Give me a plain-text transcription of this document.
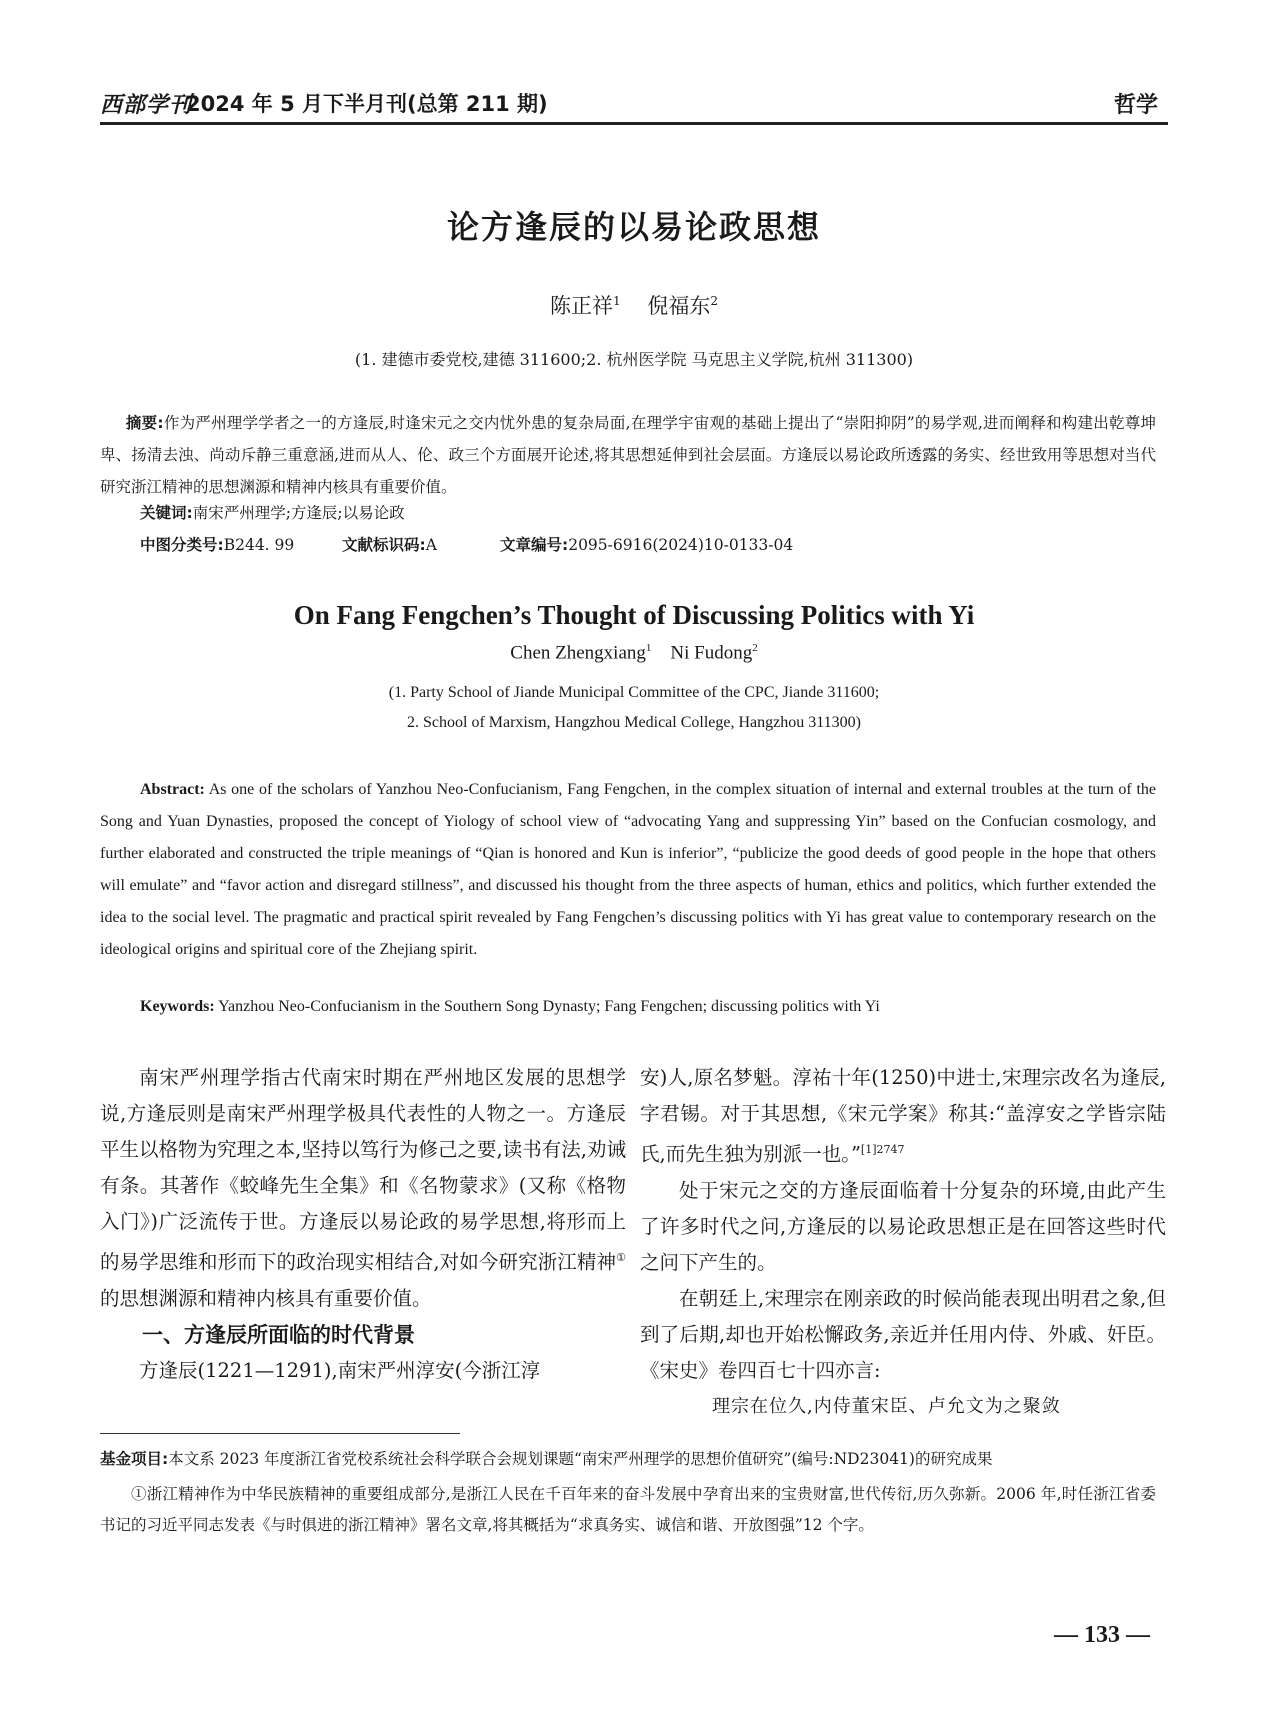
西部学刊
2024 年 5 月下半月刊(总第 211 期)	哲学
论方逢辰的以易论政思想
陈正祥$^1$ 倪福东$^2$
(1. 建德市委党校,建德 311600;2. 杭州医学院 马克思主义学院,杭州 311300)
摘要:作为严州理学学者之一的方逢辰,时逢宋元之交内忧外患的复杂局面,在理学宇宙观的基础上提出了“崇阳抑阴”的易学观,进而阐释和构建出乾尊坤卑、扬清去浊、尚动斥静三重意涵,进而从人、伦、政三个方面展开论述,将其思想延伸到社会层面。方逢辰以易论政所透露的务实、经世致用等思想对当代研究浙江精神的思想渊源和精神内核具有重要价值。
关键词:南宋严州理学;方逢辰;以易论政
中图分类号:B244. 99	文献标识码:A	文章编号:2095-6916(2024)10-0133-04
On Fang Fengchen’s Thought of Discussing Politics with Yi
Chen Zhengxiang$^1$ Ni Fudong$^2$
(1. Party School of Jiande Municipal Committee of the CPC, Jiande 311600;
2. School of Marxism, Hangzhou Medical College, Hangzhou 311300)
Abstract: As one of the scholars of Yanzhou Neo-Confucianism, Fang Fengchen, in the complex situation of internal and external troubles at the turn of the Song and Yuan Dynasties, proposed the concept of Yiology of school view of “advocating Yang and suppressing Yin” based on the Confucian cosmology, and further elaborated and constructed the triple meanings of “Qian is honored and Kun is inferior”, “publicize the good deeds of good people in the hope that others will emulate” and “favor action and disregard stillness”, and discussed his thought from the three aspects of human, ethics and politics, which further extended the idea to the social level. The pragmatic and practical spirit revealed by Fang Fengchen’s discussing politics with Yi has great value to contemporary research on the ideological origins and spiritual core of the Zhejiang spirit.
Keywords: Yanzhou Neo-Confucianism in the Southern Song Dynasty; Fang Fengchen; discussing politics with Yi

南宋严州理学指古代南宋时期在严州地区发展的思想学说,方逢辰则是南宋严州理学极具代表性的人物之一。方逢辰平生以格物为究理之本,坚持以笃行为修己之要,读书有法,劝诫有条。其著作《蛟峰先生全集》和《名物蒙求》(又称《格物入门》)广泛流传于世。方逢辰以易论政的易学思想,将形而上的易学思维和形而下的政治现实相结合,对如今研究浙江精神①的思想渊源和精神内核具有重要价值。

一、方逢辰所面临的时代背景

方逢辰(1221—1291),南宋严州淳安(今浙江淳

安)人,原名梦魁。淳祐十年(1250)中进士,宋理宗改名为逢辰,字君锡。对于其思想,《宋元学案》称其:“盖淳安之学皆宗陆氏,而先生独为别派一也。”$^{[1]2747}$

处于宋元之交的方逢辰面临着十分复杂的环境,由此产生了许多时代之问,方逢辰的以易论政思想正是在回答这些时代之问下产生的。

在朝廷上,宋理宗在刚亲政的时候尚能表现出明君之象,但到了后期,却也开始松懈政务,亲近并任用内侍、外戚、奸臣。《宋史》卷四百七十四亦言:

理宗在位久,内侍董宋臣、卢允文为之聚敛

基金项目:本文系 2023 年度浙江省党校系统社会科学联合会规划课题“南宋严州理学的思想价值研究”(编号:ND23041)的研究成果

①浙江精神作为中华民族精神的重要组成部分,是浙江人民在千百年来的奋斗发展中孕育出来的宝贵财富,世代传衍,历久弥新。2006 年,时任浙江省委书记的习近平同志发表《与时俱进的浙江精神》署名文章,将其概括为“求真务实、诚信和谐、开放图强”12 个字。

— 133 —
